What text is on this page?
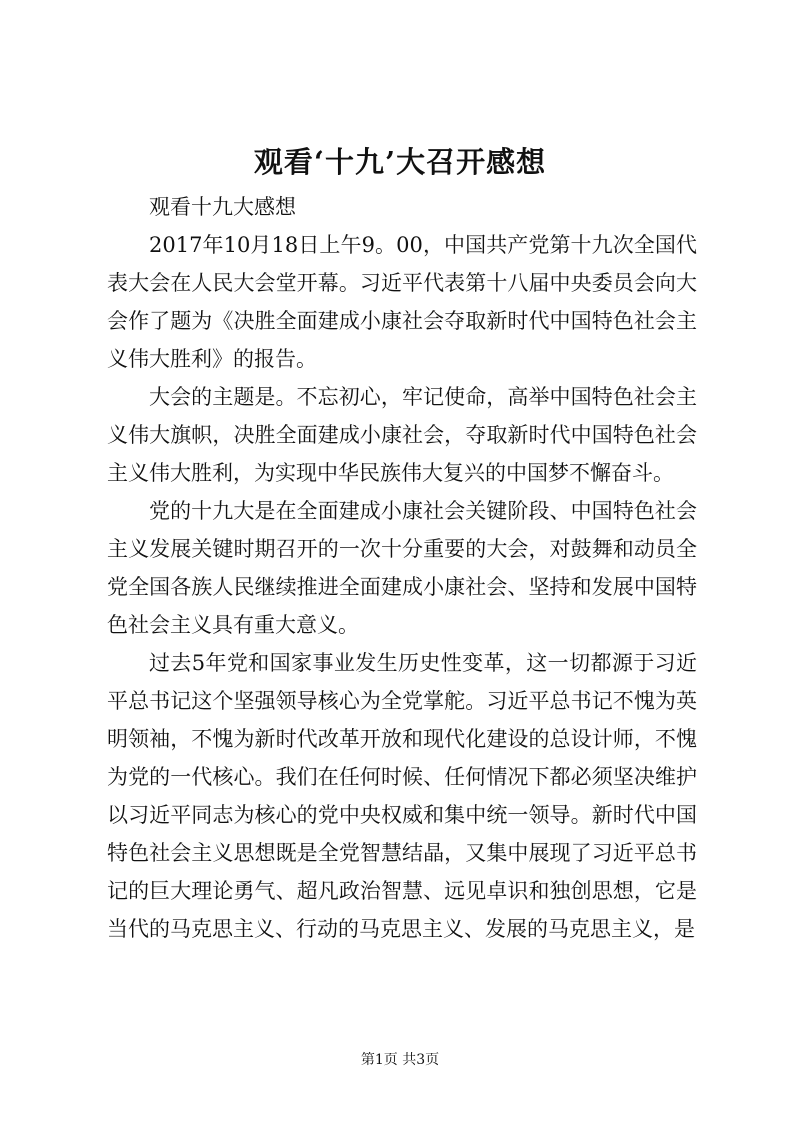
观看‘十九’大召开感想

观看十九大感想

2017年10月18日上午9。00，中国共产党第十九次全国代表大会在人民大会堂开幕。习近平代表第十八届中央委员会向大会作了题为《决胜全面建成小康社会夺取新时代中国特色社会主义伟大胜利》的报告。

大会的主题是。不忘初心，牢记使命，高举中国特色社会主义伟大旗帜，决胜全面建成小康社会，夺取新时代中国特色社会主义伟大胜利，为实现中华民族伟大复兴的中国梦不懈奋斗。

党的十九大是在全面建成小康社会关键阶段、中国特色社会主义发展关键时期召开的一次十分重要的大会，对鼓舞和动员全党全国各族人民继续推进全面建成小康社会、坚持和发展中国特色社会主义具有重大意义。

过去5年党和国家事业发生历史性变革，这一切都源于习近平总书记这个坚强领导核心为全党掌舵。习近平总书记不愧为英明领袖，不愧为新时代改革开放和现代化建设的总设计师，不愧为党的一代核心。我们在任何时候、任何情况下都必须坚决维护以习近平同志为核心的党中央权威和集中统一领导。新时代中国特色社会主义思想既是全党智慧结晶，又集中展现了习近平总书记的巨大理论勇气、超凡政治智慧、远见卓识和独创思想，它是当代的马克思主义、行动的马克思主义、发展的马克思主义，是

第1页 共3页
